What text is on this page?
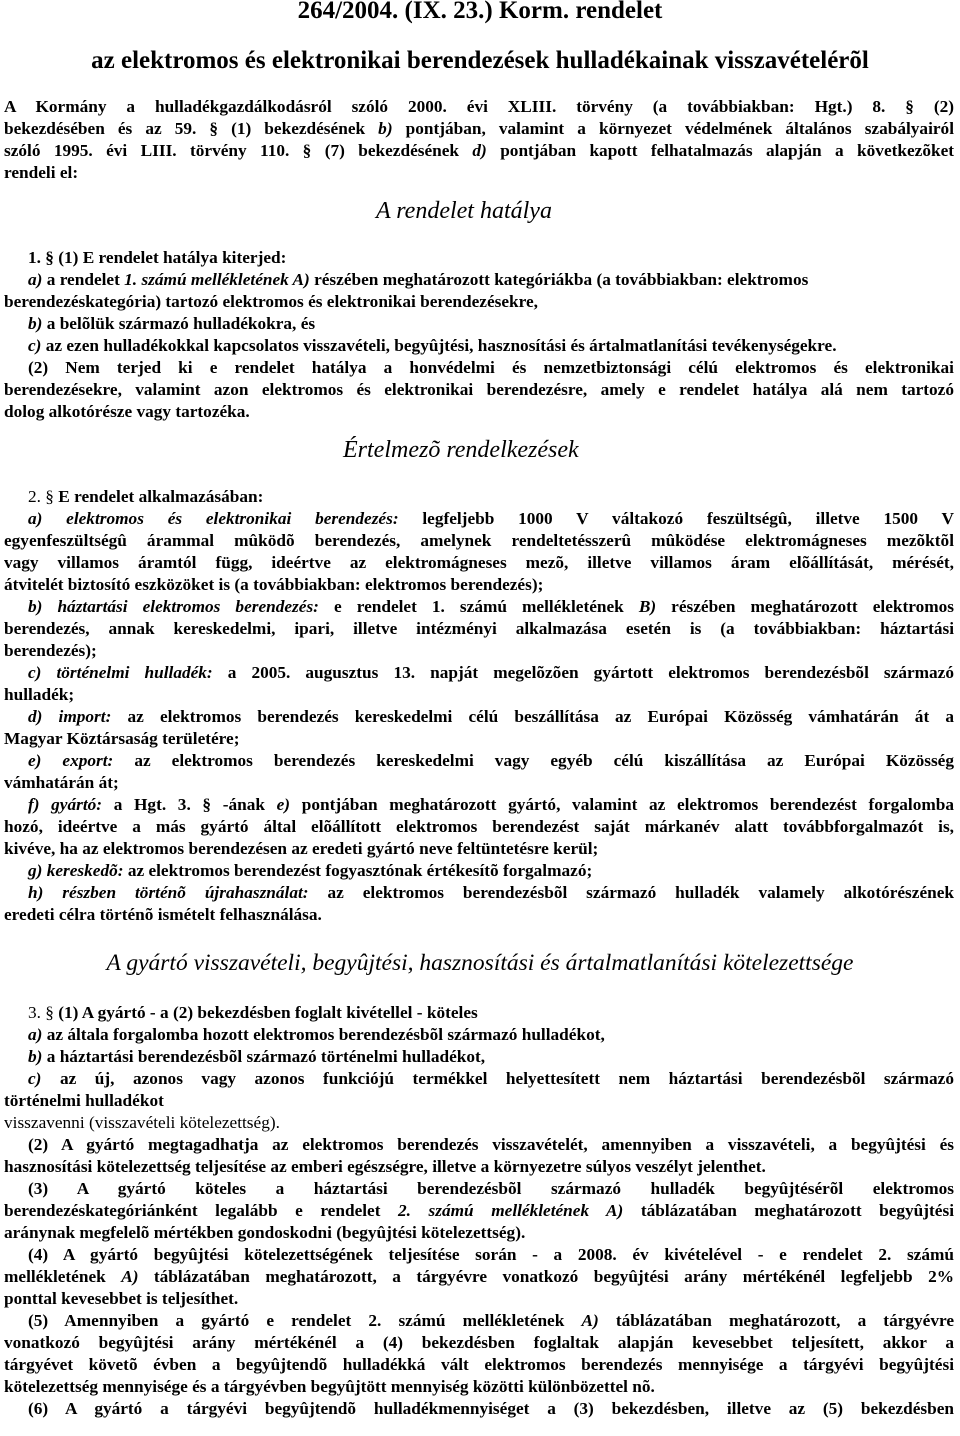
264/2004. (IX. 23.) Korm. rendelet
az elektromos és elektronikai berendezések hulladékainak visszavételérõl
A Kormány a hulladékgazdálkodásról szóló 2000. évi XLIII. törvény (a továbbiakban: Hgt.) 8. § (2)
bekezdésében és az 59. § (1) bekezdésének b) pontjában, valamint a környezet védelmének általános szabályairól
szóló 1995. évi LIII. törvény 110. § (7) bekezdésének d) pontjában kapott felhatalmazás alapján a következõket
rendeli el:
A rendelet hatálya
1. § (1) E rendelet hatálya kiterjed:
a) a rendelet 1. számú mellékletének A) részében meghatározott kategóriákba (a továbbiakban: elektromos
berendezéskategória) tartozó elektromos és elektronikai berendezésekre,
b) a belõlük származó hulladékokra, és
c) az ezen hulladékokkal kapcsolatos visszavételi, begyûjtési, hasznosítási és ártalmatlanítási tevékenységekre.
(2) Nem terjed ki e rendelet hatálya a honvédelmi és nemzetbiztonsági célú elektromos és elektronikai
berendezésekre, valamint azon elektromos és elektronikai berendezésre, amely e rendelet hatálya alá nem tartozó
dolog alkotórésze vagy tartozéka.
Értelmezõ rendelkezések
2. § E rendelet alkalmazásában:
a) elektromos és elektronikai berendezés: legfeljebb 1000 V váltakozó feszültségû, illetve 1500 V
egyenfeszültségû árammal mûködõ berendezés, amelynek rendeltetésszerû mûködése elektromágneses mezõktõl
vagy villamos áramtól függ, ideértve az elektromágneses mezõ, illetve villamos áram elõállítását, mérését,
átvitelét biztosító eszközöket is (a továbbiakban: elektromos berendezés);
b) háztartási elektromos berendezés: e rendelet 1. számú mellékletének B) részében meghatározott elektromos
berendezés, annak kereskedelmi, ipari, illetve intézményi alkalmazása esetén is (a továbbiakban: háztartási
berendezés);
c) történelmi hulladék: a 2005. augusztus 13. napját megelõzõen gyártott elektromos berendezésbõl származó
hulladék;
d) import: az elektromos berendezés kereskedelmi célú beszállítása az Európai Közösség vámhatárán át a
Magyar Köztársaság területére;
e) export: az elektromos berendezés kereskedelmi vagy egyéb célú kiszállítása az Európai Közösség
vámhatárán át;
f) gyártó: a Hgt. 3. § -ának e) pontjában meghatározott gyártó, valamint az elektromos berendezést forgalomba
hozó, ideértve a más gyártó által elõállított elektromos berendezést saját márkanév alatt továbbforgalmazót is,
kivéve, ha az elektromos berendezésen az eredeti gyártó neve feltüntetésre kerül;
g) kereskedõ: az elektromos berendezést fogyasztónak értékesítõ forgalmazó;
h) részben történõ újrahasználat: az elektromos berendezésbõl származó hulladék valamely alkotórészének
eredeti célra történõ ismételt felhasználása.
A gyártó visszavételi, begyûjtési, hasznosítási és ártalmatlanítási kötelezettsége
3. § (1) A gyártó - a (2) bekezdésben foglalt kivétellel - köteles
a) az általa forgalomba hozott elektromos berendezésbõl származó hulladékot,
b) a háztartási berendezésbõl származó történelmi hulladékot,
c) az új, azonos vagy azonos funkciójú termékkel helyettesített nem háztartási berendezésbõl származó
történelmi hulladékot
visszavenni (visszavételi kötelezettség).
(2) A gyártó megtagadhatja az elektromos berendezés visszavételét, amennyiben a visszavételi, a begyûjtési és
hasznosítási kötelezettség teljesítése az emberi egészségre, illetve a környezetre súlyos veszélyt jelenthet.
(3) A gyártó köteles a háztartási berendezésbõl származó hulladék begyûjtésérõl elektromos
berendezéskategóriánként legalább e rendelet 2. számú mellékletének A) táblázatában meghatározott begyûjtési
aránynak megfelelõ mértékben gondoskodni (begyûjtési kötelezettség).
(4) A gyártó begyûjtési kötelezettségének teljesítése során - a 2008. év kivételével - e rendelet 2. számú
mellékletének A) táblázatában meghatározott, a tárgyévre vonatkozó begyûjtési arány mértékénél legfeljebb 2%
ponttal kevesebbet is teljesíthet.
(5) Amennyiben a gyártó e rendelet 2. számú mellékletének A) táblázatában meghatározott, a tárgyévre
vonatkozó begyûjtési arány mértékénél a (4) bekezdésben foglaltak alapján kevesebbet teljesített, akkor a
tárgyévet követõ évben a begyûjtendõ hulladékká vált elektromos berendezés mennyisége a tárgyévi begyûjtési
kötelezettség mennyisége és a tárgyévben begyûjtött mennyiség közötti különbözettel nõ.
(6) A gyártó a tárgyévi begyûjtendõ hulladékmennyiséget a (3) bekezdésben, illetve az (5) bekezdésben
